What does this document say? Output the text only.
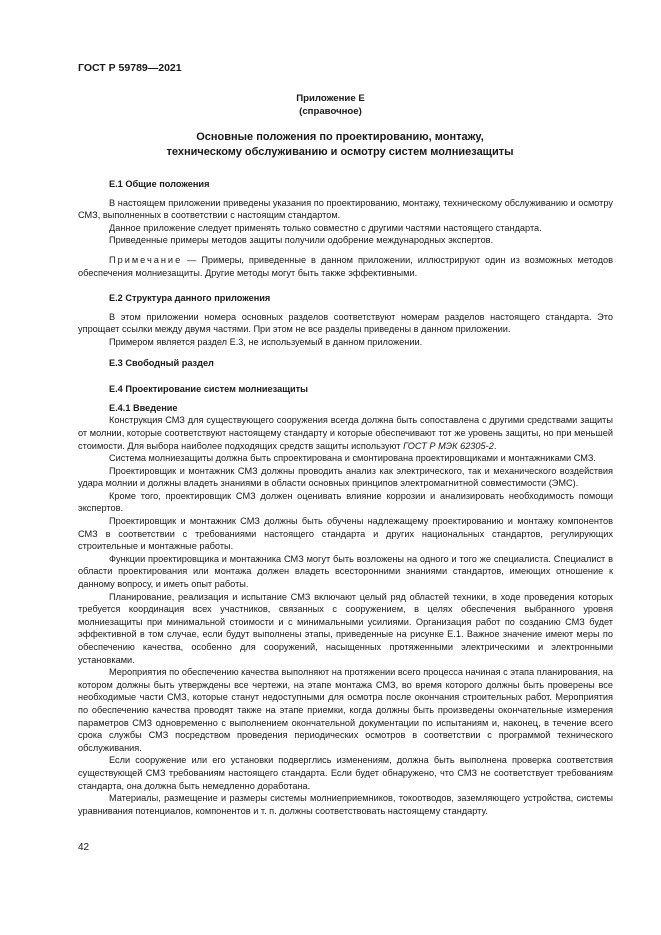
ГОСТ Р 59789—2021
Приложение Е
(справочное)
Основные положения по проектированию, монтажу,
техническому обслуживанию и осмотру систем молниезащиты
Е.1 Общие положения

В настоящем приложении приведены указания по проектированию, монтажу, техническому обслуживанию и осмотру СМЗ, выполненных в соответствии с настоящим стандартом.

Данное приложение следует применять только совместно с другими частями настоящего стандарта.

Приведенные примеры методов защиты получили одобрение международных экспертов.

Примечание — Примеры, приведенные в данном приложении, иллюстрируют один из возможных методов обеспечения молниезащиты. Другие методы могут быть также эффективными.

Е.2 Структура данного приложения

В этом приложении номера основных разделов соответствуют номерам разделов настоящего стандарта. Это упрощает ссылки между двумя частями. При этом не все разделы приведены в данном приложении.

Примером является раздел Е.3, не используемый в данном приложении.

Е.3 Свободный раздел
Е.4 Проектирование систем молниезащиты
Е.4.1 Введение

Конструкция СМЗ для существующего сооружения всегда должна быть сопоставлена с другими средствами защиты от молнии, которые соответствуют настоящему стандарту и которые обеспечивают тот же уровень защиты, но при меньшей стоимости. Для выбора наиболее подходящих средств защиты используют ГОСТ Р МЭК 62305-2.

Система молниезащиты должна быть спроектирована и смонтирована проектировщиками и монтажниками СМЗ.

Проектировщик и монтажник СМЗ должны проводить анализ как электрического, так и механического воздействия удара молнии и должны владеть знаниями в области основных принципов электромагнитной совместимости (ЭМС).

Кроме того, проектировщик СМЗ должен оценивать влияние коррозии и анализировать необходимость помощи экспертов.

Проектировщик и монтажник СМЗ должны быть обучены надлежащему проектированию и монтажу компонентов СМЗ в соответствии с требованиями настоящего стандарта и других национальных стандартов, регулирующих строительные и монтажные работы.

Функции проектировщика и монтажника СМЗ могут быть возложены на одного и того же специалиста. Специалист в области проектирования или монтажа должен владеть всесторонними знаниями стандартов, имеющих отношение к данному вопросу, и иметь опыт работы.

Планирование, реализация и испытание СМЗ включают целый ряд областей техники, в ходе проведения которых требуется координация всех участников, связанных с сооружением, в целях обеспечения выбранного уровня молниезащиты при минимальной стоимости и с минимальными усилиями. Организация работ по созданию СМЗ будет эффективной в том случае, если будут выполнены этапы, приведенные на рисунке Е.1. Важное значение имеют меры по обеспечению качества, особенно для сооружений, насыщенных протяженными электрическими и электронными установками.

Мероприятия по обеспечению качества выполняют на протяжении всего процесса начиная с этапа планирования, на котором должны быть утверждены все чертежи, на этапе монтажа СМЗ, во время которого должны быть проверены все необходимые части СМЗ, которые станут недоступными для осмотра после окончания строительных работ. Мероприятия по обеспечению качества проводят также на этапе приемки, когда должны быть произведены окончательные измерения параметров СМЗ одновременно с выполнением окончательной документации по испытаниям и, наконец, в течение всего срока службы СМЗ посредством проведения периодических осмотров в соответствии с программой технического обслуживания.

Если сооружение или его установки подверглись изменениям, должна быть выполнена проверка соответствия существующей СМЗ требованиям настоящего стандарта. Если будет обнаружено, что СМЗ не соответствует требованиям стандарта, она должна быть немедленно доработана.

Материалы, размещение и размеры системы молниеприемников, токоотводов, заземляющего устройства, системы уравнивания потенциалов, компонентов и т. п. должны соответствовать настоящему стандарту.

42
